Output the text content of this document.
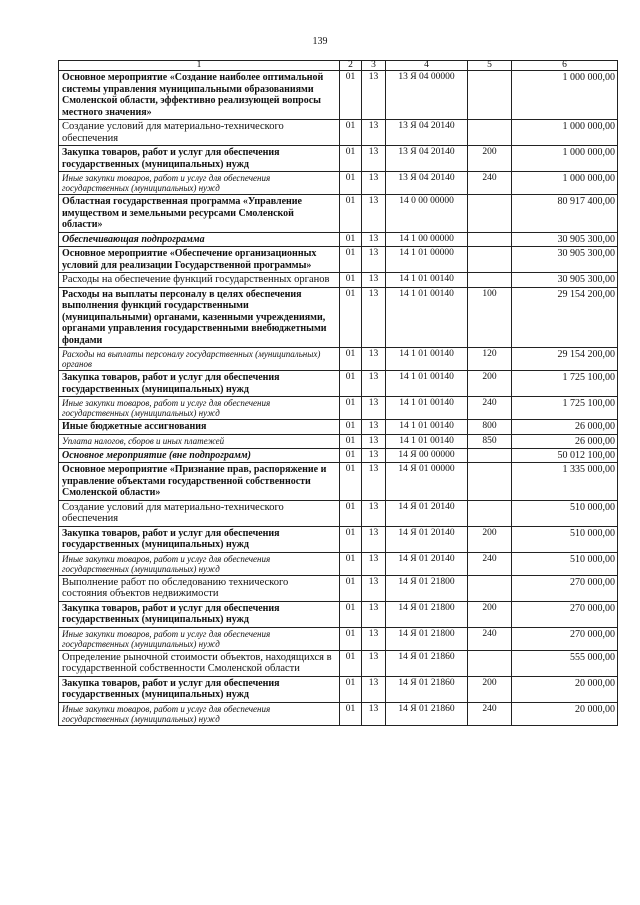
139
1	2	3	4	5	6
Основное мероприятие «Создание наиболее оптимальной системы управления муниципальными образованиями Смоленской области, эффективно реализующей вопросы местного значения»	01	13	13 Я 04 00000		1 000 000,00
Создание условий для материально-технического обеспечения	01	13	13 Я 04 20140		1 000 000,00
Закупка товаров, работ и услуг для обеспечения государственных (муниципальных) нужд	01	13	13 Я 04 20140	200	1 000 000,00
Иные закупки товаров, работ и услуг для обеспечения государственных (муниципальных) нужд	01	13	13 Я 04 20140	240	1 000 000,00
Областная государственная программа «Управление имуществом и земельными ресурсами Смоленской области»	01	13	14 0 00 00000		80 917 400,00
Обеспечивающая подпрограмма	01	13	14 1 00 00000		30 905 300,00
Основное мероприятие «Обеспечение организационных условий для реализации Государственной программы»	01	13	14 1 01 00000		30 905 300,00
Расходы на обеспечение функций государственных органов	01	13	14 1 01 00140		30 905 300,00
Расходы на выплаты персоналу в целях обеспечения выполнения функций государственными (муниципальными) органами, казенными учреждениями, органами управления государственными внебюджетными фондами	01	13	14 1 01 00140	100	29 154 200,00
Расходы на выплаты персоналу государственных (муниципальных) органов	01	13	14 1 01 00140	120	29 154 200,00
Закупка товаров, работ и услуг для обеспечения государственных (муниципальных) нужд	01	13	14 1 01 00140	200	1 725 100,00
Иные закупки товаров, работ и услуг для обеспечения государственных (муниципальных) нужд	01	13	14 1 01 00140	240	1 725 100,00
Иные бюджетные ассигнования	01	13	14 1 01 00140	800	26 000,00
Уплата налогов, сборов и иных платежей	01	13	14 1 01 00140	850	26 000,00
Основное мероприятие (вне подпрограмм)	01	13	14 Я 00 00000		50 012 100,00
Основное мероприятие «Признание прав, распоряжение и управление объектами государственной собственности Смоленской области»	01	13	14 Я 01 00000		1 335 000,00
Создание условий для материально-технического обеспечения	01	13	14 Я 01 20140		510 000,00
Закупка товаров, работ и услуг для обеспечения государственных (муниципальных) нужд	01	13	14 Я 01 20140	200	510 000,00
Иные закупки товаров, работ и услуг для обеспечения государственных (муниципальных) нужд	01	13	14 Я 01 20140	240	510 000,00
Выполнение работ по обследованию технического состояния объектов недвижимости	01	13	14 Я 01 21800		270 000,00
Закупка товаров, работ и услуг для обеспечения государственных (муниципальных) нужд	01	13	14 Я 01 21800	200	270 000,00
Иные закупки товаров, работ и услуг для обеспечения государственных (муниципальных) нужд	01	13	14 Я 01 21800	240	270 000,00
Определение рыночной стоимости объектов, находящихся в государственной собственности Смоленской области	01	13	14 Я 01 21860		555 000,00
Закупка товаров, работ и услуг для обеспечения государственных (муниципальных) нужд	01	13	14 Я 01 21860	200	20 000,00
Иные закупки товаров, работ и услуг для обеспечения государственных (муниципальных) нужд	01	13	14 Я 01 21860	240	20 000,00
